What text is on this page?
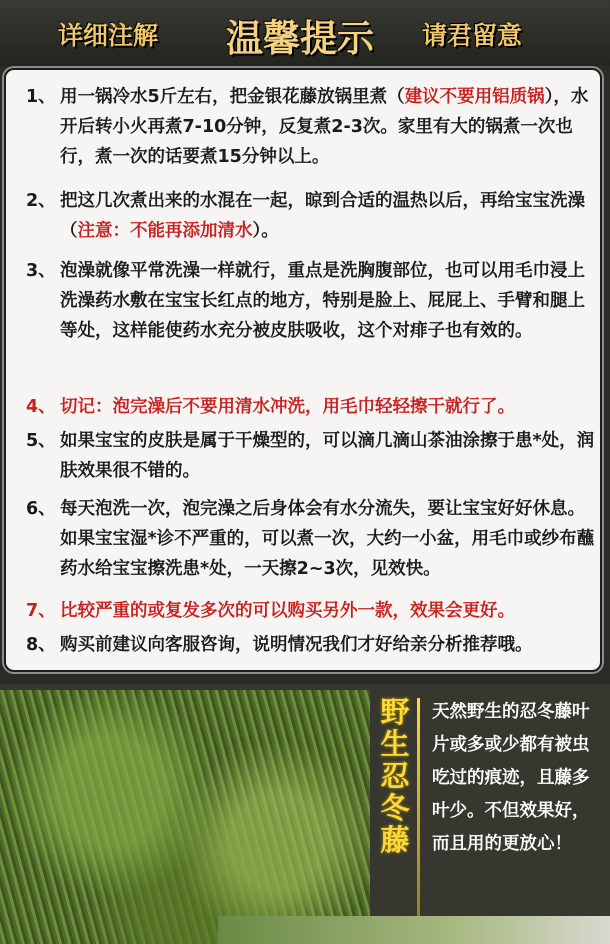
详细注解 温馨提示 请君留意
1、 用一锅冷水5斤左右，把金银花藤放锅里煮（建议不要用铝质锅），水开后转小火再煮7-10分钟，反复煮2-3次。家里有大的锅煮一次也行，煮一次的话要煮15分钟以上。
2、 把这几次煮出来的水混在一起，晾到合适的温热以后，再给宝宝洗澡（注意：不能再添加清水）。
3、 泡澡就像平常洗澡一样就行，重点是洗胸腹部位，也可以用毛巾浸上洗澡药水敷在宝宝长红点的地方，特别是脸上、屁屁上、手臂和腿上等处，这样能使药水充分被皮肤吸收，这个对痱子也有效的。
4、 切记：泡完澡后不要用清水冲洗，用毛巾轻轻擦干就行了。
5、 如果宝宝的皮肤是属于干燥型的，可以滴几滴山茶油涂擦于患*处，润肤效果很不错的。
6、 每天泡洗一次，泡完澡之后身体会有水分流失，要让宝宝好好休息。如果宝宝湿*诊不严重的，可以煮一次，大约一小盆，用毛巾或纱布蘸药水给宝宝擦洗患*处，一天擦2~3次，见效快。
7、 比较严重的或复发多次的可以购买另外一款，效果会更好。
8、 购买前建议向客服咨询，说明情况我们才好给亲分析推荐哦。
野生忍冬藤
天然野生的忍冬藤叶片或多或少都有被虫吃过的痕迹，且藤多叶少。不但效果好，而且用的更放心！
